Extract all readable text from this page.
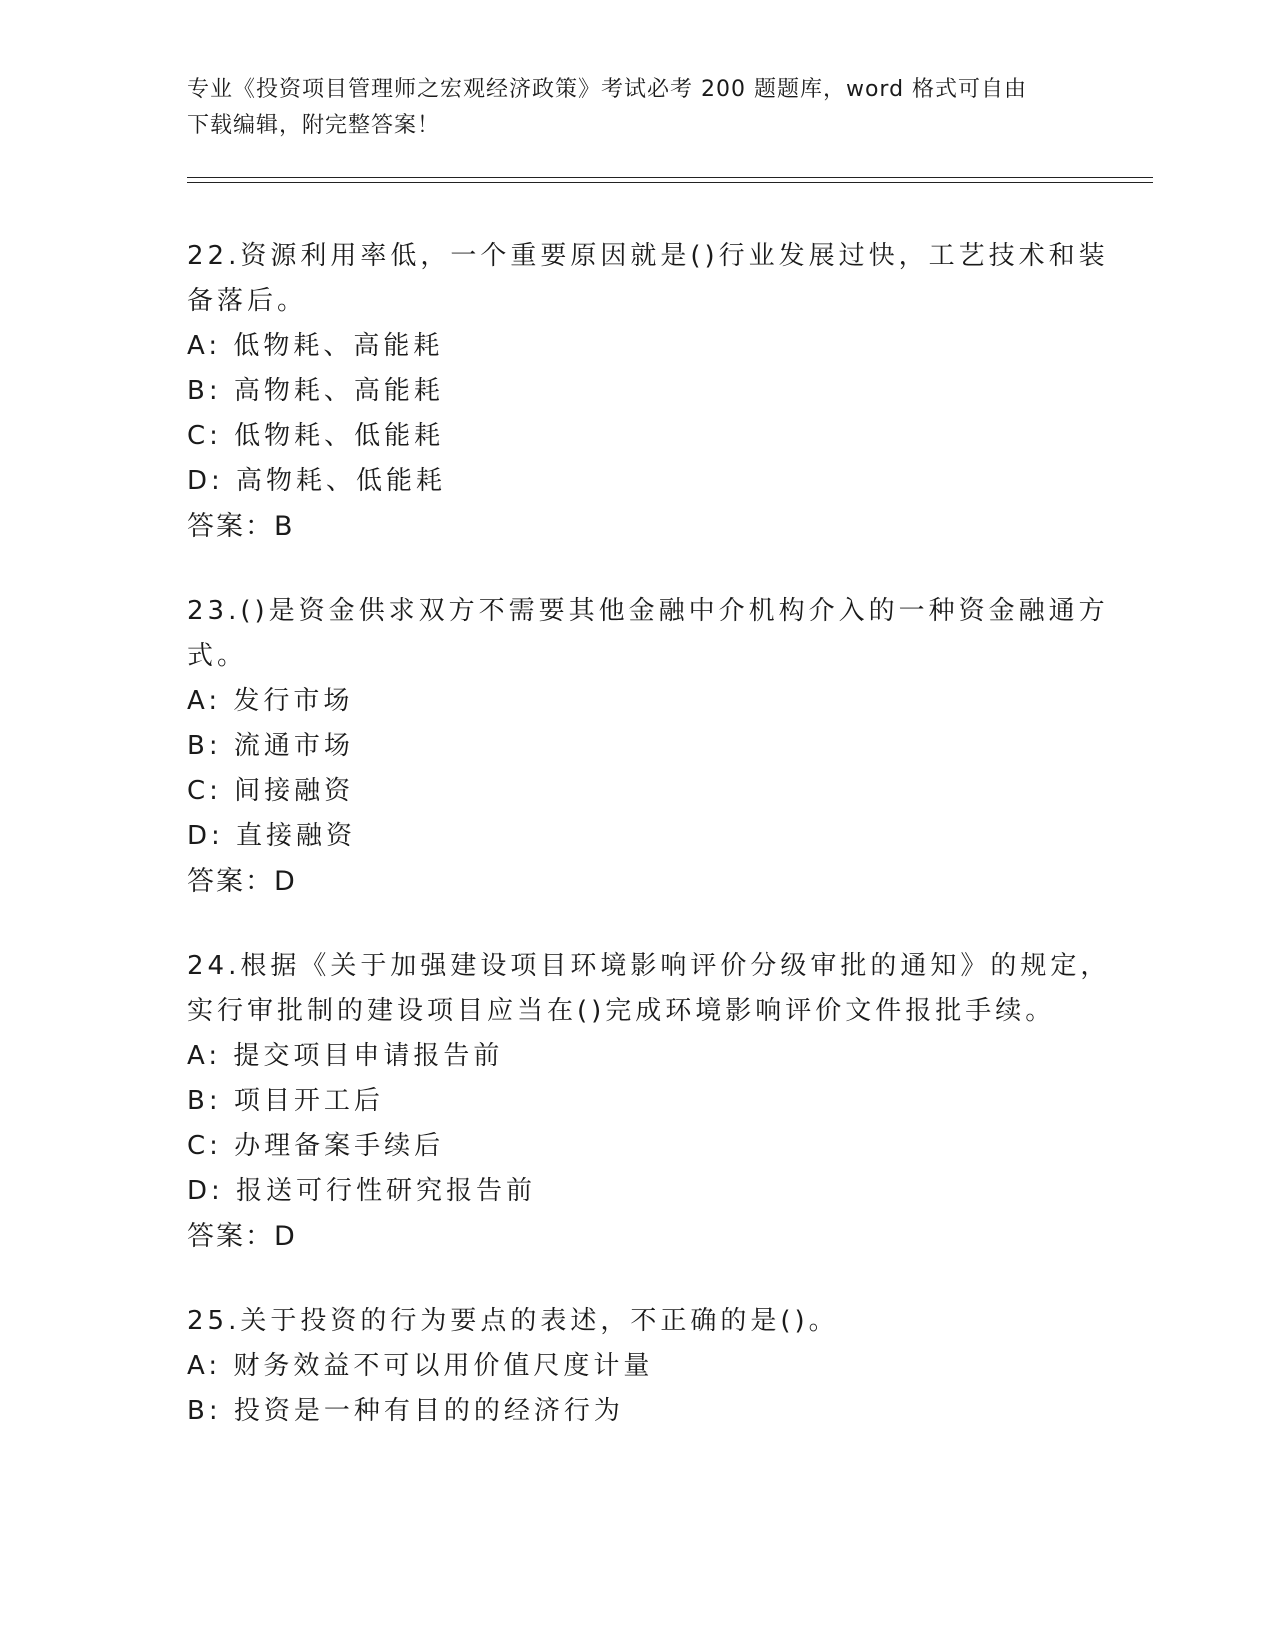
专业《投资项目管理师之宏观经济政策》考试必考 200 题题库，word 格式可自由
下载编辑，附完整答案！
22.资源利用率低，一个重要原因就是()行业发展过快，工艺技术和装
备落后。
A: 低物耗、高能耗
B: 高物耗、高能耗
C: 低物耗、低能耗
D: 高物耗、低能耗
答案：B
23.()是资金供求双方不需要其他金融中介机构介入的一种资金融通方
式。
A: 发行市场
B: 流通市场
C: 间接融资
D: 直接融资
答案：D
24.根据《关于加强建设项目环境影响评价分级审批的通知》的规定，
实行审批制的建设项目应当在()完成环境影响评价文件报批手续。
A: 提交项目申请报告前
B: 项目开工后
C: 办理备案手续后
D: 报送可行性研究报告前
答案：D
25.关于投资的行为要点的表述，不正确的是()。
A: 财务效益不可以用价值尺度计量
B: 投资是一种有目的的经济行为
